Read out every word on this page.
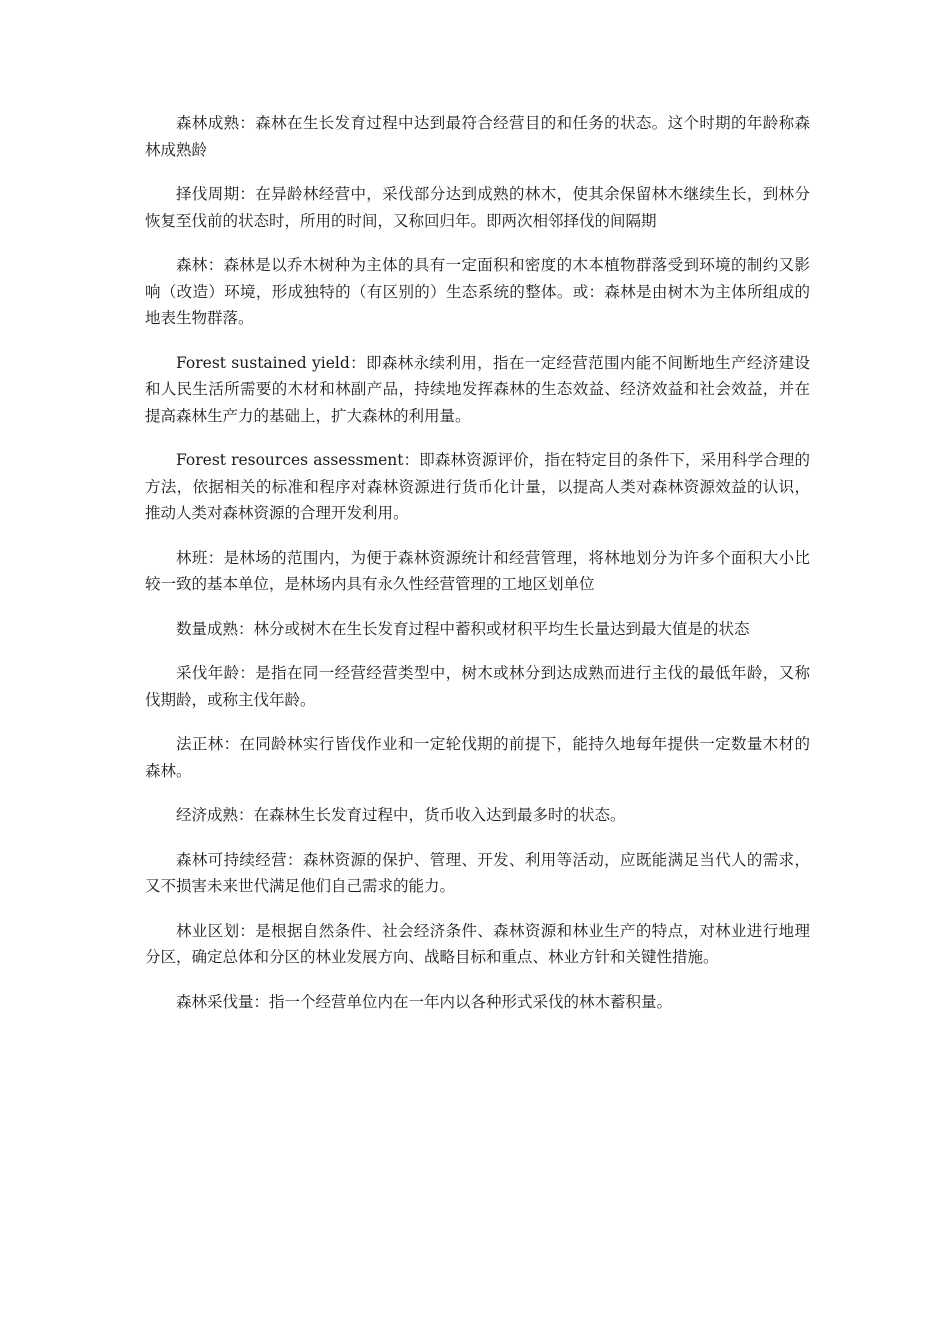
森林成熟：森林在生长发育过程中达到最符合经营目的和任务的状态。这个时期的年龄称森林成熟龄

择伐周期：在异龄林经营中，采伐部分达到成熟的林木，使其余保留林木继续生长，到林分恢复至伐前的状态时，所用的时间，又称回归年。即两次相邻择伐的间隔期

森林：森林是以乔木树种为主体的具有一定面积和密度的木本植物群落受到环境的制约又影响（改造）环境，形成独特的（有区别的）生态系统的整体。或：森林是由树木为主体所组成的地表生物群落。

Forest sustained yield：即森林永续利用，指在一定经营范围内能不间断地生产经济建设和人民生活所需要的木材和林副产品，持续地发挥森林的生态效益、经济效益和社会效益，并在提高森林生产力的基础上，扩大森林的利用量。

Forest resources assessment：即森林资源评价，指在特定目的条件下，采用科学合理的方法，依据相关的标准和程序对森林资源进行货币化计量，以提高人类对森林资源效益的认识，推动人类对森林资源的合理开发利用。

林班：是林场的范围内，为便于森林资源统计和经营管理，将林地划分为许多个面积大小比较一致的基本单位，是林场内具有永久性经营管理的工地区划单位

数量成熟：林分或树木在生长发育过程中蓄积或材积平均生长量达到最大值是的状态

采伐年龄：是指在同一经营经营类型中，树木或林分到达成熟而进行主伐的最低年龄，又称伐期龄，或称主伐年龄。

法正林：在同龄林实行皆伐作业和一定轮伐期的前提下，能持久地每年提供一定数量木材的森林。

经济成熟：在森林生长发育过程中，货币收入达到最多时的状态。

森林可持续经营：森林资源的保护、管理、开发、利用等活动，应既能满足当代人的需求，又不损害未来世代满足他们自己需求的能力。

林业区划：是根据自然条件、社会经济条件、森林资源和林业生产的特点，对林业进行地理分区，确定总体和分区的林业发展方向、战略目标和重点、林业方针和关键性措施。

森林采伐量：指一个经营单位内在一年内以各种形式采伐的林木蓄积量。
